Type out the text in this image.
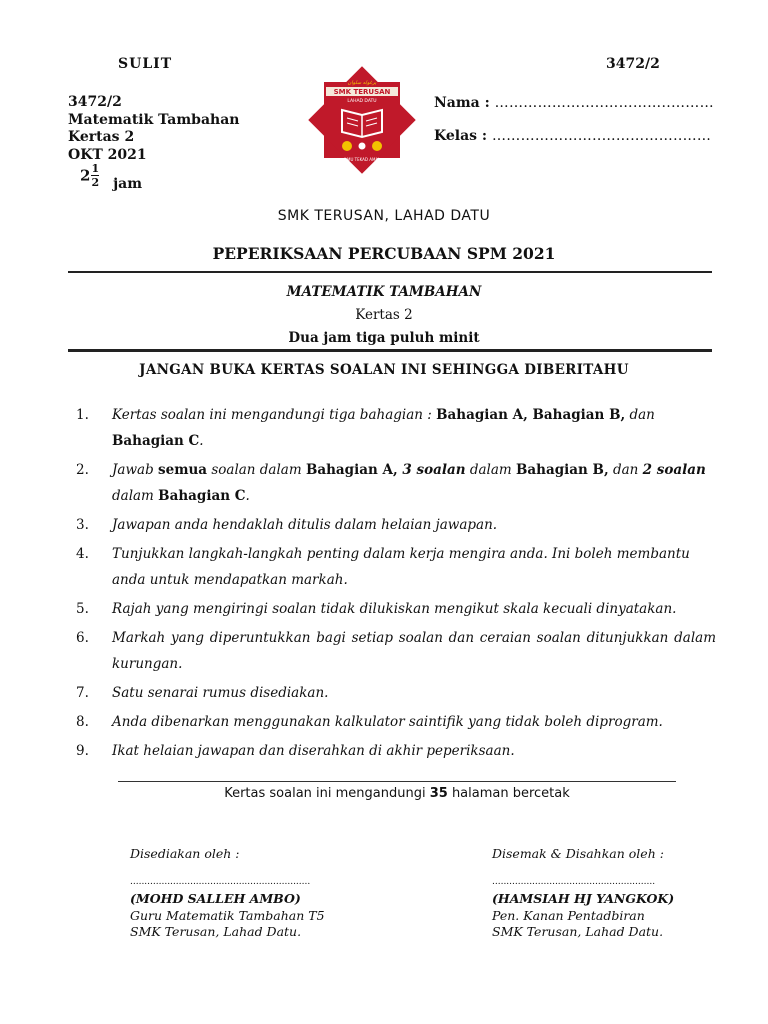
SULIT	3472/2
3472/2
Matematik Tambahan
Kertas 2
OKT 2021
$2\frac{1}{2}$ jam
يرغوله سلوان
SMK TERUSAN
LAHAD DATU
ILMU TEKAD AMAL
Nama : …………………..…………..………
Kelas : …………………..……………..……
SMK TERUSAN, LAHAD DATU
PEPERIKSAAN PERCUBAAN SPM 2021
MATEMATIK TAMBAHAN
Kertas 2
Dua jam tiga puluh minit
JANGAN BUKA KERTAS SOALAN INI SEHINGGA DIBERITAHU
1. Kertas soalan ini mengandungi tiga bahagian : Bahagian A, Bahagian B, dan Bahagian C.
2. Jawab semua soalan dalam Bahagian A, 3 soalan dalam Bahagian B, dan 2 soalan dalam Bahagian C.
3. Jawapan anda hendaklah ditulis dalam helaian jawapan.
4. Tunjukkan langkah-langkah penting dalam kerja mengira anda. Ini boleh membantu anda untuk mendapatkan markah.
5. Rajah yang mengiringi soalan tidak dilukiskan mengikut skala kecuali dinyatakan.
6. Markah yang diperuntukkan bagi setiap soalan dan ceraian soalan ditunjukkan dalam kurungan.
7. Satu senarai rumus disediakan.
8. Anda dibenarkan menggunakan kalkulator saintifik yang tidak boleh diprogram.
9. Ikat helaian jawapan dan diserahkan di akhir peperiksaan.
Kertas soalan ini mengandungi 35 halaman bercetak
Disediakan oleh :
...............................................................
(MOHD SALLEH AMBO)
Guru Matematik Tambahan T5
SMK Terusan, Lahad Datu.
Disemak & Disahkan oleh :
.........................................................
(HAMSIAH HJ YANGKOK)
Pen. Kanan Pentadbiran
SMK Terusan, Lahad Datu.
